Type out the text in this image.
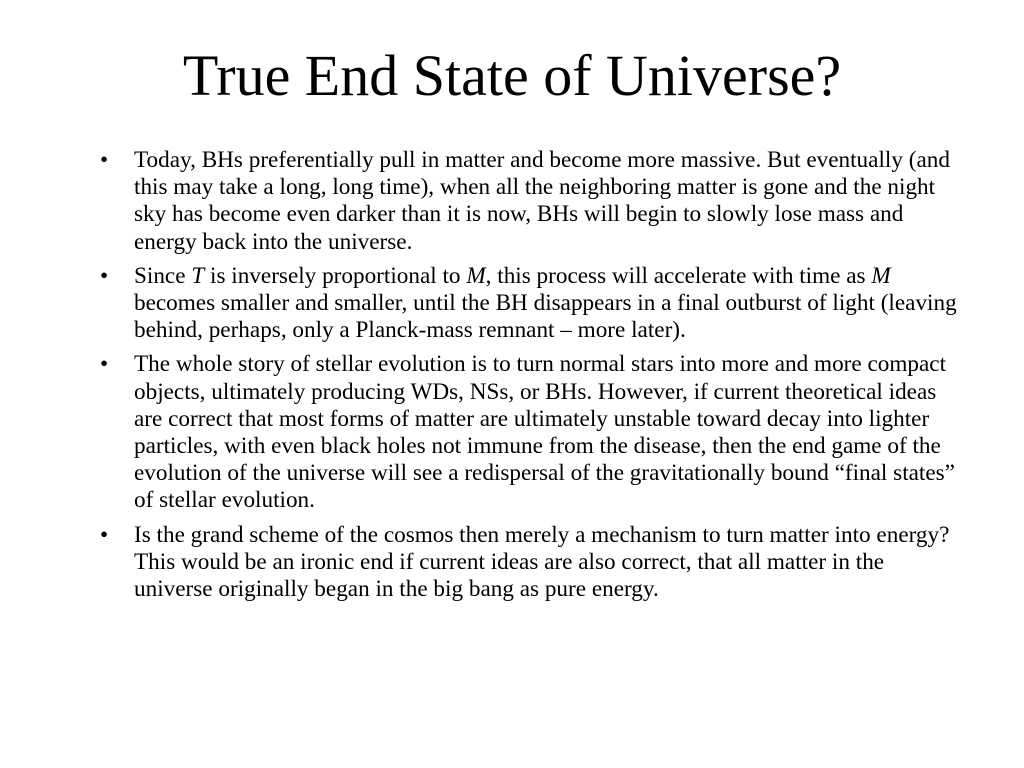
True End State of Universe?
• Today, BHs preferentially pull in matter and become more massive. But eventually (and this may take a long, long time), when all the neighboring matter is gone and the night sky has become even darker than it is now, BHs will begin to slowly lose mass and energy back into the universe.
• Since T is inversely proportional to M, this process will accelerate with time as M becomes smaller and smaller, until the BH disappears in a final outburst of light (leaving behind, perhaps, only a Planck-mass remnant – more later).
• The whole story of stellar evolution is to turn normal stars into more and more compact objects, ultimately producing WDs, NSs, or BHs. However, if current theoretical ideas are correct that most forms of matter are ultimately unstable toward decay into lighter particles, with even black holes not immune from the disease, then the end game of the evolution of the universe will see a redispersal of the gravitationally bound “final states” of stellar evolution.
• Is the grand scheme of the cosmos then merely a mechanism to turn matter into energy? This would be an ironic end if current ideas are also correct, that all matter in the universe originally began in the big bang as pure energy.
